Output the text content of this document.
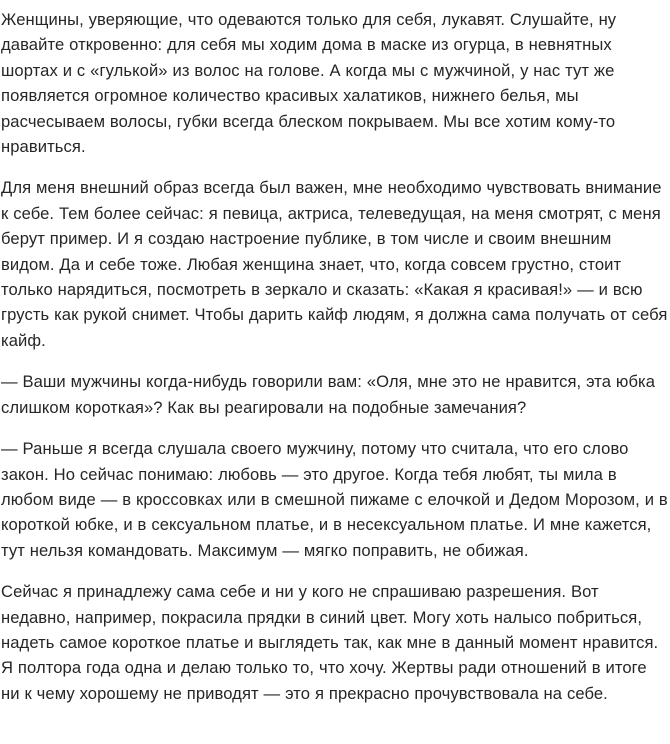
Женщины, уверяющие, что одеваются только для себя, лукавят. Слушайте, ну давайте откровенно: для себя мы ходим дома в маске из огурца, в невнятных шортах и с «гулькой» из волос на голове. А когда мы с мужчиной, у нас тут же появляется огромное количество красивых халатиков, нижнего белья, мы расчесываем волосы, губки всегда блеском покрываем. Мы все хотим кому-то нравиться.

Для меня внешний образ всегда был важен, мне необходимо чувствовать внимание к себе. Тем более сейчас: я певица, актриса, телеведущая, на меня смотрят, с меня берут пример. И я создаю настроение публике, в том числе и своим внешним видом. Да и себе тоже. Любая женщина знает, что, когда совсем грустно, стоит только нарядиться, посмотреть в зеркало и сказать: «Какая я красивая!» — и всю грусть как рукой снимет. Чтобы дарить кайф людям, я должна сама получать от себя кайф.

— Ваши мужчины когда-нибудь говорили вам: «Оля, мне это не нравится, эта юбка слишком короткая»? Как вы реагировали на подобные замечания?

— Раньше я всегда слушала своего мужчину, потому что считала, что его слово закон. Но сейчас понимаю: любовь — это другое. Когда тебя любят, ты мила в любом виде — в кроссовках или в смешной пижаме с елочкой и Дедом Морозом, и в короткой юбке, и в сексуальном платье, и в несексуальном платье. И мне кажется, тут нельзя командовать. Максимум — мягко поправить, не обижая.

Сейчас я принадлежу сама себе и ни у кого не спрашиваю разрешения. Вот недавно, например, покрасила прядки в синий цвет. Могу хоть налысо побриться, надеть самое короткое платье и выглядеть так, как мне в данный момент нравится. Я полтора года одна и делаю только то, что хочу. Жертвы ради отношений в итоге ни к чему хорошему не приводят — это я прекрасно прочувствовала на себе.
